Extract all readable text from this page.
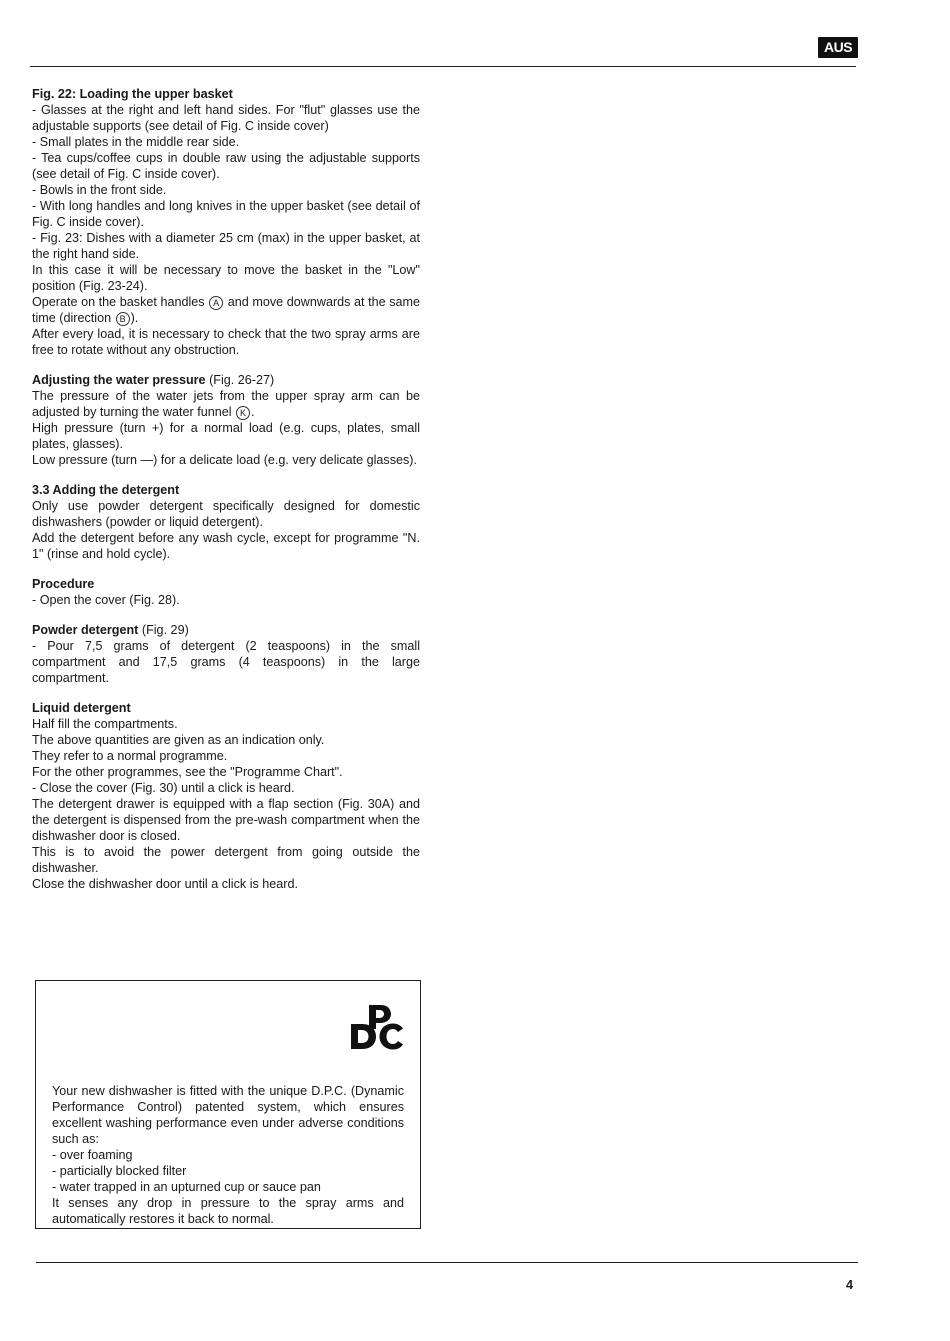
AUS

Fig. 22: Loading the upper basket

- Glasses at the right and left hand sides. For "flut" glasses use the adjustable supports (see detail of Fig. C inside cover)

- Small plates in the middle rear side.

- Tea cups/coffee cups in double raw using the adjustable supports (see detail of Fig. C inside cover).

- Bowls in the front side.

- With long handles and long knives in the upper basket (see detail of Fig. C inside cover).

- Fig. 23: Dishes with a diameter 25 cm (max) in the upper basket, at the right hand side.

In this case it will be necessary to move the basket in the "Low" position (Fig. 23-24).

Operate on the basket handles A and move downwards at the same time (direction B ).

After every load, it is necessary to check that the two spray arms are free to rotate without any obstruction.

Adjusting the water pressure (Fig. 26-27)

The pressure of the water jets from the upper spray arm can be adjusted by turning the water funnel K .

High pressure (turn +) for a normal load (e.g. cups, plates, small plates, glasses).

Low pressure (turn —) for a delicate load (e.g. very delicate glasses).

3.3 Adding the detergent

Only use powder detergent specifically designed for domestic dishwashers (powder or liquid detergent).

Add the detergent before any wash cycle, except for programme "N. 1" (rinse and hold cycle).

Procedure

- Open the cover (Fig. 28).

Powder detergent (Fig. 29)

- Pour 7,5 grams of detergent (2 teaspoons) in the small compartment and 17,5 grams (4 teaspoons) in the large compartment.

Liquid detergent

Half fill the compartments.

The above quantities are given as an indication only.

They refer to a normal programme.

For the other programmes, see the "Programme Chart".

- Close the cover (Fig. 30) until a click is heard.

The detergent drawer is equipped with a flap section (Fig. 30A) and the detergent is dispensed from the pre-wash compartment when the dishwasher door is closed.

This is to avoid the power detergent from going outside the dishwasher.

Close the dishwasher door until a click is heard.

Your new dishwasher is fitted with the unique D.P.C. (Dynamic Performance Control) patented system, which ensures excellent washing performance even under adverse conditions such as:

- over foaming

- particially blocked filter

- water trapped in an upturned cup or sauce pan

It senses any drop in pressure to the spray arms and automatically restores it back to normal.

4
